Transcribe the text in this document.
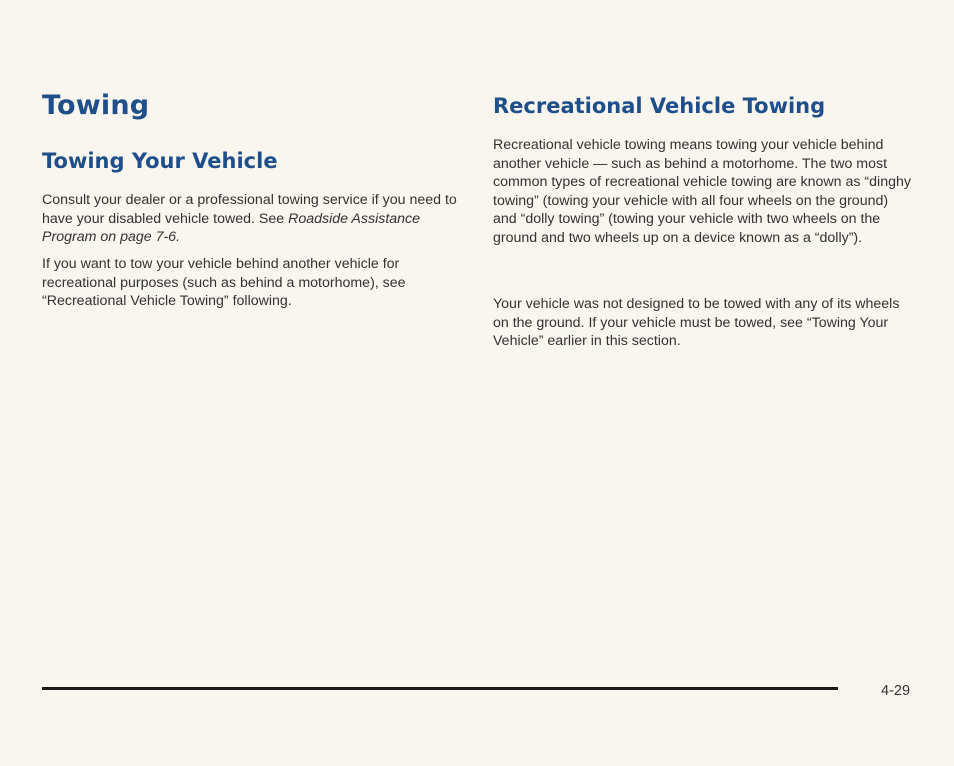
Towing
Towing Your Vehicle

Consult your dealer or a professional towing service if you need to have your disabled vehicle towed. See Roadside Assistance Program on page 7-6.

If you want to tow your vehicle behind another vehicle for recreational purposes (such as behind a motorhome), see “Recreational Vehicle Towing” following.

Recreational Vehicle Towing

Recreational vehicle towing means towing your vehicle behind another vehicle — such as behind a motorhome. The two most common types of recreational vehicle towing are known as “dinghy towing” (towing your vehicle with all four wheels on the ground) and “dolly towing” (towing your vehicle with two wheels on the ground and two wheels up on a device known as a “dolly”).

Your vehicle was not designed to be towed with any of its wheels on the ground. If your vehicle must be towed, see “Towing Your Vehicle” earlier in this section.

4-29
